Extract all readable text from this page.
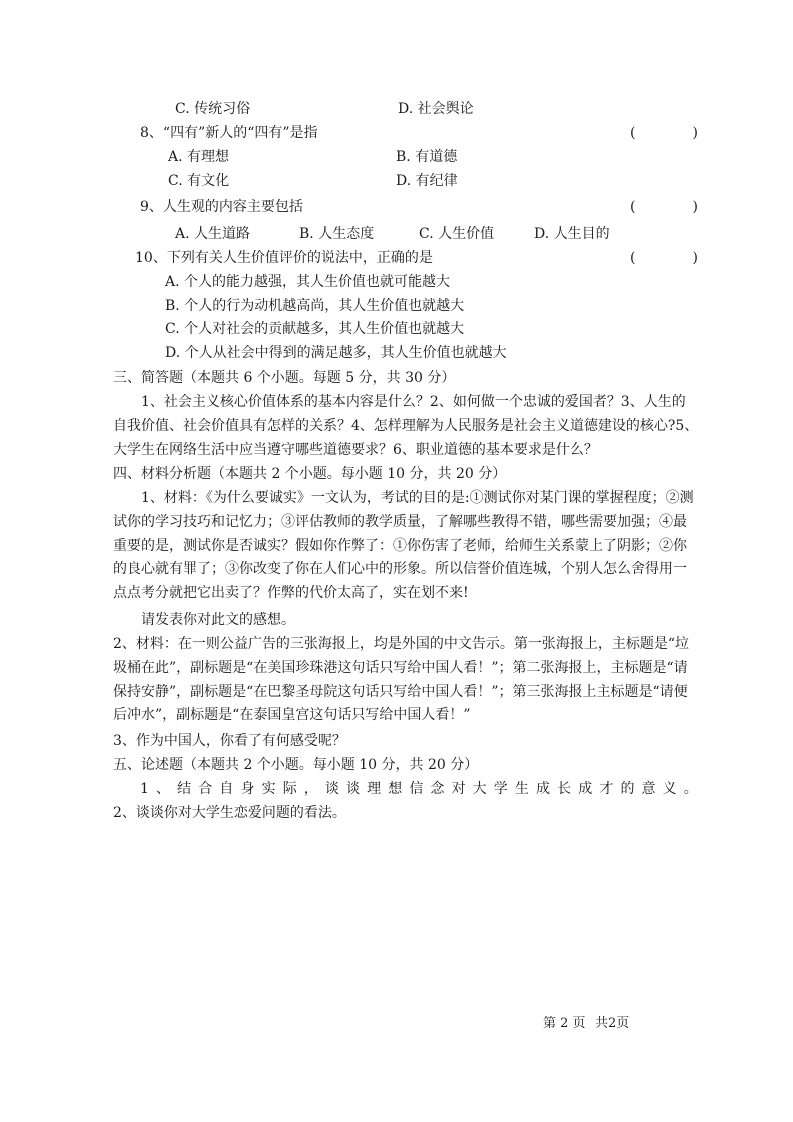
C. 传统习俗	D. 社会舆论
8、“四有”新人的“四有”是指	(	)
A. 有理想	B. 有道德
C. 有文化	D. 有纪律
9、人生观的内容主要包括	(	)
A. 人生道路	B. 人生态度	C. 人生价值	D. 人生目的
10、下列有关人生价值评价的说法中，正确的是	(	)
A. 个人的能力越强，其人生价值也就可能越大
B. 个人的行为动机越高尚，其人生价值也就越大
C. 个人对社会的贡献越多，其人生价值也就越大
D. 个人从社会中得到的满足越多，其人生价值也就越大
三、简答题（本题共 6 个小题。每题 5 分，共 30 分）
1、社会主义核心价值体系的基本内容是什么？2、如何做一个忠诚的爱国者？3、人生的自我价值、社会价值具有怎样的关系？4、怎样理解为人民服务是社会主义道德建设的核心?5、大学生在网络生活中应当遵守哪些道德要求？6、职业道德的基本要求是什么？
四、材料分析题（本题共 2 个小题。每小题 10 分，共 20 分）
1、材料：《为什么要诚实》一文认为，考试的目的是:①测试你对某门课的掌握程度；②测试你的学习技巧和记忆力；③评估教师的教学质量，了解哪些教得不错，哪些需要加强；④最重要的是，测试你是否诚实？假如你作弊了：①你伤害了老师，给师生关系蒙上了阴影；②你的良心就有罪了；③你改变了你在人们心中的形象。所以信誉价值连城，个别人怎么舍得用一点点考分就把它出卖了？作弊的代价太高了，实在划不来!
请发表你对此文的感想。
2、材料：在一则公益广告的三张海报上，均是外国的中文告示。第一张海报上，主标题是“垃圾桶在此”，副标题是“在美国珍珠港这句话只写给中国人看！”；第二张海报上，主标题是“请保持安静”，副标题是“在巴黎圣母院这句话只写给中国人看！”；第三张海报上主标题是“请便后冲水”，副标题是“在泰国皇宫这句话只写给中国人看！”
3、作为中国人，你看了有何感受呢？
五、论述题（本题共 2 个小题。每小题 10 分，共 20 分）
1 、 结 合 自 身 实 际 ， 谈 谈 理 想 信 念 对 大 学 生 成 长 成 才 的 意 义 。
2、谈谈你对大学生恋爱问题的看法。
第 2 页 共2页
